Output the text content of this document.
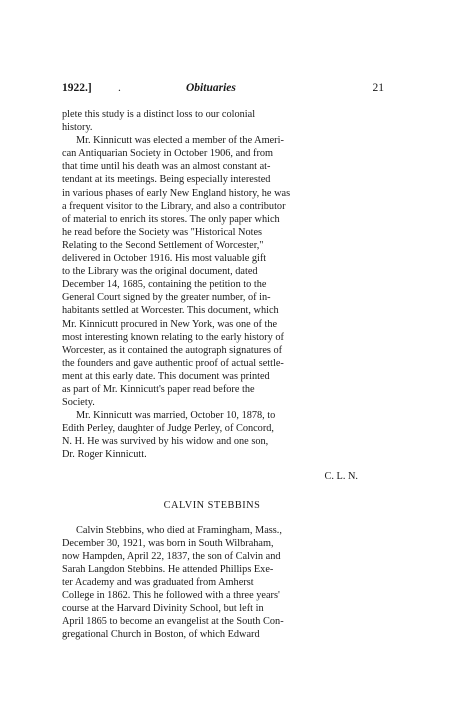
1922.] .	Obituaries	21
plete this study is a distinct loss to our colonial
history.
Mr. Kinnicutt was elected a member of the Ameri-
can Antiquarian Society in October 1906, and from
that time until his death was an almost constant at-
tendant at its meetings. Being especially interested
in various phases of early New England history, he was
a frequent visitor to the Library, and also a contributor
of material to enrich its stores. The only paper which
he read before the Society was "Historical Notes
Relating to the Second Settlement of Worcester,"
delivered in October 1916. His most valuable gift
to the Library was the original document, dated
December 14, 1685, containing the petition to the
General Court signed by the greater number, of in-
habitants settled at Worcester. This document, which
Mr. Kinnicutt procured in New York, was one of the
most interesting known relating to the early history of
Worcester, as it contained the autograph signatures of
the founders and gave authentic proof of actual settle-
ment at this early date. This document was printed
as part of Mr. Kinnicutt's paper read before the
Society.
Mr. Kinnicutt was married, October 10, 1878, to
Edith Perley, daughter of Judge Perley, of Concord,
N. H. He was survived by his widow and one son,
Dr. Roger Kinnicutt.
C. L. N.
CALVIN STEBBINS
Calvin Stebbins, who died at Framingham, Mass.,
December 30, 1921, was born in South Wilbraham,
now Hampden, April 22, 1837, the son of Calvin and
Sarah Langdon Stebbins. He attended Phillips Exe-
ter Academy and was graduated from Amherst
College in 1862. This he followed with a three years'
course at the Harvard Divinity School, but left in
April 1865 to become an evangelist at the South Con-
gregational Church in Boston, of which Edward
